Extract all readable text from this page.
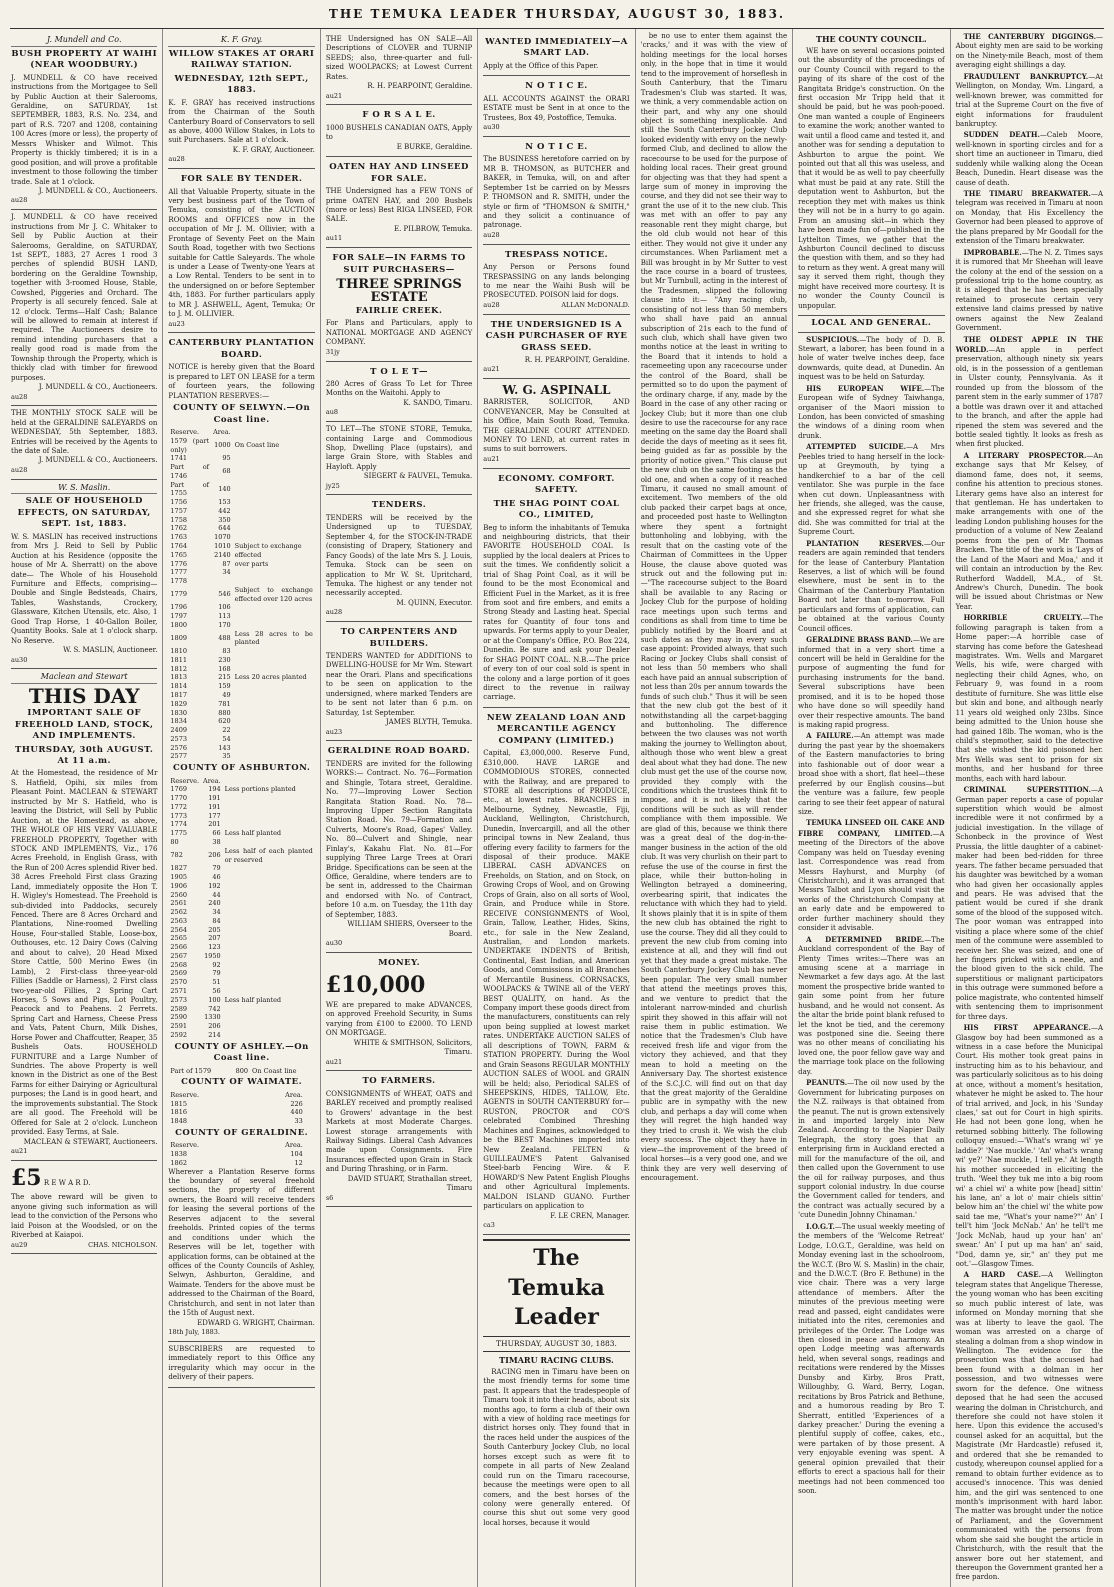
THE TEMUKA LEADER THURSDAY, AUGUST 30, 1883.
J. Mundell and Co.
BUSH PROPERTY AT WAIHI (NEAR WOODBURY.)
J. MUNDELL & CO have received instructions from the Mortgagee to Sell by Public Auction at their Salerooms, Geraldine, on SATURDAY, 1st SEPTEMBER, 1883, R.S. No. 234, and part of R.S. 7207 and 1208, containing 100 Acres (more or less), the property of Messrs Whisker and Wilmot. This Property is thickly timbered; it is in a good position, and will prove a profitable investment to those following the timber trade. Sale at 1 o'clock.
J. MUNDELL & CO., Auctioneers.
au28
J. MUNDELL & CO have received instructions from Mr J. C. Whitaker to Sell by Public Auction at their Salerooms, Geraldine, on SATURDAY, 1st SEPT., 1883, 27 Acres 1 rood 3 perches of splendid BUSH LAND, bordering on the Geraldine Township, together with 3-roomed House, Stable, Cowshed, Piggeries and Orchard. The Property is all securely fenced. Sale at 12 o'clock. Terms—Half Cash; Balance will be allowed to remain at interest if required. The Auctioneers desire to remind intending purchasers that a really good road is made from the Township through the Property, which is thickly clad with timber for firewood purposes.
J. MUNDELL & CO., Auctioneers.
au28
THE MONTHLY STOCK SALE will be held at the GERALDINE SALEYARDS on WEDNESDAY, 5th September, 1883. Entries will be received by the Agents to the date of Sale.
J. MUNDELL & CO., Auctioneers.
au28
W. S. Maslin.
SALE OF HOUSEHOLD EFFECTS, ON SATURDAY, SEPT. 1st, 1883.
W. S. MASLIN has received instructions from Mrs J. Reid to Sell by Public Auction at his Residence (opposite the house of Mr A. Sherratt) on the above date— The Whole of his Household Furniture and Effects, comprising— Double and Single Bedsteads, Chairs, Tables, Washstands, Crockery, Glassware, Kitchen Utensils, etc. Also, 1 Good Trap Horse, 1 40-Gallon Boiler, Quantity Books. Sale at 1 o'clock sharp. No Reserve.
W. S. MASLIN, Auctioneer.
au30
Maclean and Stewart
THIS DAY
IMPORTANT SALE OF FREEHOLD LAND, STOCK, AND IMPLEMENTS.
THURSDAY, 30th AUGUST. At 11 a.m.
At the Homestead, the residence of Mr S. Hatfield, Opihi, six miles from Pleasant Point. MACLEAN & STEWART instructed by Mr S. Hatfield, who is leaving the District, will Sell by Public Auction, at the Homestead, as above, THE WHOLE OF HIS VERY VALUABLE FREEHOLD PROPERTY, Together with STOCK AND IMPLEMENTS, Viz., 176 Acres Freehold, in English Grass, with the Run of 200 Acres splendid River bed. 38 Acres Freehold First class Grazing Land, immediately opposite the Hon T. H. Wigley's Homestead. The Freehold is sub-divided into Paddocks, securely Fenced. There are 8 Acres Orchard and Plantations, Nine-roomed Dwelling House, Four-stalled Stable, Loose-box, Outhouses, etc. 12 Dairy Cows (Calving and about to calve), 20 Head Mixed Store Cattle, 500 Merino Ewes (in Lamb), 2 First-class three-year-old Fillies (Saddle or Harness), 2 First class two-year-old Fillies, 2 Spring Cart Horses, 5 Sows and Pigs, Lot Poultry, Peacock and to Peahens. 2 Ferrets. Spring Cart and Harness, Cheese Press and Vats, Patent Churn, Milk Dishes, Horse Power and Chaffcutter, Reaper, 35 Bushels Oats. HOUSEHOLD FURNITURE and a Large Number of Sundries. The above Property is well known in the District as one of the Best Farms for either Dairying or Agricultural purposes; the Land is in good heart, and the improvements substantial. The Stock are all good. The Freehold will be Offered for Sale at 2 o'clock. Luncheon provided. Easy Terms, at Sale.
MACLEAN & STEWART, Auctioneers.
au21
£5 R E W A R D.
The above reward will be given to anyone giving such information as will lead to the conviction of the Persons who laid Poison at the Woodsled, or on the Riverbed at Kaiapoi.
au29	CHAS. NICHOLSON.
K. F. Gray.
WILLOW STAKES AT ORARI RAILWAY STATION.
WEDNESDAY, 12th SEPT., 1883.
K. F. GRAY has received instructions from the Chairman of the South Canterbury Board of Conservators to sell as above, 4000 Willow Stakes, in Lots to suit Purchasers. Sale at 1 o'clock.
K. F. GRAY, Auctioneer.
au28
FOR SALE BY TENDER.
All that Valuable Property, situate in the very best business part of the Town of Temuka, consisting of the AUCTION ROOMS and OFFICES now in the occupation of Mr J. M. Ollivier, with a Frontage of Seventy Feet on the Main South Road, together with two Sections suitable for Cattle Saleyards. The whole is under a Lease of Twenty-one Years at a Low Rental. Tenders to be sent in to the undersigned on or before September 4th, 1883. For further particulars apply to MR J. ASHWELL, Agent, Temuka; Or to J. M. OLLIVIER.
au23
CANTERBURY PLANTATION BOARD.
NOTICE is hereby given that the Board is prepared to LET ON LEASE for a term of fourteen years, the following PLANTATION RESERVES:—
COUNTY OF SELWYN.—On Coast line.
Reserve.	Area.	
1579 (part only)	1000	On Coast line
1741	95	
Part of 1746	68	
Part of 1755	140	
1756	153	
1757	442	
1758	350	
1762	644	
1763	1070	
1764	1010	Subject to exchange
1765	2140	effected
1776	87	over parts
1777	34	
1778		
1779	546	Subject to exchange effected over 120 acres
1796	106	
1797	113	
1800	170	
1809	488	Less 28 acres to be planted
1810	83	
1811	230	
1812	168	
1813	215	Less 20 acres planted
1814	159	
1817	49	
1829	781	
1830	880	
1834	620	
2409	22	
2573	54	
2576	143	
2577	35	
COUNTY OF ASHBURTON.
Reserve.	Area.	
1769	194	Less portions planted
1770	191	
1772	191	
1773	177	
1774	201	
1775	66	Less half planted
80	38	
782	206	Less half of each planted or reserved
1827	79	
1905	46	
1906	192	
2560	44	
2561	240	
2562	34	
2563	84	
2564	205	
2565	207	
2566	123	
2567	1950	
2568	92	
2569	79	
2570	51	
2571	56	
2573	100	Less half planted
2589	742	
2590	1330	
2591	206	
2592	214	
COUNTY OF ASHLEY.—On Coast line.
Part of 1579	800	On Coast line
COUNTY OF WAIMATE.
Reserve.	Area.	
1815	226	
1816	440	
1848	33	
COUNTY OF GERALDINE.
Reserve.	Area.	
1838	104	
1862	12	
Wherever a Plantation Reserve forms the boundary of several freehold sections, the property of different owners, the Board will receive tenders for leasing the several portions of the Reserves adjacent to the several freeholds. Printed copies of the terms and conditions under which the Reserves will be let, together with application forms, can be obtained at the offices of the County Councils of Ashley, Selwyn, Ashburton, Geraldine, and Waimate. Tenders for the above must be addressed to the Chairman of the Board, Christchurch, and sent in not later than the 15th of August next.
EDWARD G. WRIGHT, Chairman.
18th July, 1883.
SUBSCRIBERS are requested to immediately report to this Office any irregularity which may occur in the delivery of their papers.
THE Undersigned has ON SALE—All Descriptions of CLOVER and TURNIP SEEDS; also, three-quarter and full-sized WOOLPACKS; at Lowest Current Rates.
R. H. PEARPOINT, Geraldine.
au21
F O R S A L E.
1000 BUSHELS CANADIAN OATS, Apply to
E BURKE, Geraldine.
OATEN HAY AND LINSEED FOR SALE.
THE Undersigned has a FEW TONS of prime OATEN HAY, and 200 Bushels (more or less) Best RIGA LINSEED, FOR SALE.
E. PILBROW, Temuka.
au11
FOR SALE—IN FARMS TO SUIT PURCHASERS—
THREE SPRINGS ESTATE
FAIRLIE CREEK.
For Plans and Particulars, apply to NATIONAL MORTGAGE AND AGENCY COMPANY.
31jy
T O L E T—
280 Acres of Grass To Let for Three Months on the Waitohi. Apply to
K. SANDO, Timaru.
au8
TO LET—The STONE STORE, Temuka, containing Large and Commodious Shop, Dwelling Place (upstairs), and large Grain Store, with Stables and Hayloft. Apply
SIEGERT & FAUVEL, Temuka.
jy25
TENDERS.
TENDERS will be received by the Undersigned up to TUESDAY, September 4, for the STOCK-IN-TRADE (consisting of Drapery, Stationery and Fancy Goods) of the late Mrs S. J. Louis, Temuka. Stock can be seen on application to Mr W. St. Upritchard, Temuka. The highest or any tender not necessarily accepted.
M. QUINN, Executor.
au28
TO CARPENTERS AND BUILDERS.
TENDERS WANTED for ADDITIONS to DWELLING-HOUSE for Mr Wm. Stewart near the Orari. Plans and specifications to be seen on application to the undersigned, where marked Tenders are to be sent not later than 6 p.m. on Saturday, 1st September.
JAMES BLYTH, Temuka.
au23
GERALDINE ROAD BOARD.
TENDERS are invited for the following WORKS:— Contract. No. 76—Formation and Shingle, Totara street, Geraldine. No. 77—Improving Lower Section Rangitata Station Road. No. 78—Improving Upper Section Rangitata Station Road. No. 79—Formation and Culverts, Moore's Road, Gapes' Valley. No. 80—Culvert and Shingle, near Finlay's, Kakahu Flat. No. 81—For supplying Three Large Trees at Orari Bridge. Specifications can be seen at the Office, Geraldine, where tenders are to be sent in, addressed to the Chairman and endorsed with No. of Contract, before 10 a.m. on Tuesday, the 11th day of September, 1883.
WILLIAM SHIERS, Overseer to the Board.
au30
MONEY.
£10,000
WE are prepared to make ADVANCES, on approved Freehold Security, in Sums varying from £100 to £2000. TO LEND ON MORTGAGE.
WHITE & SMITHSON, Solicitors, Timaru.
au21
TO FARMERS.
CONSIGNMENTS of WHEAT, OATS and BARLEY received and promptly realised to Growers' advantage in the best Markets at most Moderate Charges. Lowest storage arrangements with Railway Sidings. Liberal Cash Advances made upon Consignments. Fire Insurances effected upon Grain in Stack and During Thrashing, or in Farm.
DAVID STUART, Strathallan street, Timaru
s6
WANTED IMMEDIATELY—A SMART LAD.
Apply at the Office of this Paper.
N O T I C E.
ALL ACCOUNTS AGAINST the ORARI ESTATE must be Sent in at once to the Trustees, Box 49, Postoffice, Temuka.
au30
N O T I C E.
The BUSINESS heretofore carried on by MR B. THOMSON, as BUTCHER and BAKER, in Temuka, will, on and after September 1st be carried on by Messrs P. THOMSON and R. SMITH, under the style or firm of "THOMSON & SMITH," and they solicit a continuance of patronage.
au28
TRESPASS NOTICE.
Any Person or Persons found TRESPASSING on any lands belonging to me near the Waihi Bush will be PROSECUTED. POISON laid for dogs.
au28	ALLAN McDONALD.
THE UNDERSIGNED IS A CASH PURCHASER OF RYE GRASS SEED.
R. H. PEARPOINT, Geraldine.
au21
W. G. ASPINALL
BARRISTER, SOLICITOR, AND CONVEYANCER, May be Consulted at his Office, Main South Road, Temuka. THE GERALDINE COURT ATTENDED. MONEY TO LEND, at current rates in sums to suit borrowers.
au21
ECONOMY. COMFORT. SAFETY.
THE SHAG POINT COAL CO., LIMITED,
Beg to inform the inhabitants of Temuka and neighbouring districts, that their FAVORITE HOUSEHOLD COAL Is supplied by the local dealers at Prices to suit the times. We confidently solicit a trial of Shag Point Coal, as it will be found to be the most Economical and Efficient Fuel in the Market, as it is free from soot and fire embers, and emits a Strong Steady and Lasting heat. Special rates for Quantity of four tons and upwards. For terms apply to your Dealer, or at the Company's Office, P.O. Box 224, Dunedin. Be sure and ask your Dealer for SHAG POINT COAL. N.B.—The price of every ton of our coal sold is spent in the colony and a large portion of it goes direct to the revenue in railway carriage.
NEW ZEALAND LOAN AND MERCANTILE AGENCY COMPANY (LIMITED.)
Capital, £3,000,000. Reserve Fund, £310,000. HAVE LARGE and COMMODIOUS STORES, connected with the Railway, and are prepared to STORE all descriptions of PRODUCE, etc., at lowest rates. BRANCHES in Melbourne, Sydney, Newcastle, Fiji, Auckland, Wellington, Christchurch, Dunedin, Invercargill, and all the other principal towns in New Zealand, thus offering every facility to farmers for the disposal of their produce. MAKE LIBERAL CASH ADVANCES on Freeholds, on Station, and on Stock, on Growing Crops of Wool, and on Growing Crops of Grain, also on all sorts of Wool, Grain, and Produce while in Store. RECEIVE CONSIGNMENTS of Wool, Grain, Tallow, Leather, Hides, Skins, etc., for sale in the New Zealand, Australian, and London markets. UNDERTAKE INDENTS of British, Continental, East Indian, and American Goods, and Commissions in all Branches of Mercantile Business. CORNSACKS, WOOLPACKS & TWINE all of the VERY BEST QUALITY, on hand. As the Company import these goods direct from the manufacturers, constituents can rely upon being supplied at lowest market rates. UNDERTAKE AUCTION SALES of all descriptions of TOWN, FARM & STATION PROPERTY. During the Wool and Grain Seasons REGULAR MONTHLY AUCTION SALES of WOOL and GRAIN will be held; also, Periodical SALES of SHEEPSKINS, HIDES, TALLOW, Etc. AGENTS in SOUTH CANTERBURY for— RUSTON, PROCTOR and CO'S celebrated Combined Threshing Machines and Engines, acknowledged to be the BEST Machines imported into New Zealand. FELTEN & GUILLEAUME'S Patent Galvanised Steel-barb Fencing Wire. & F. HOWARD'S New Patent English Ploughs and other Agricultural Implements. MALDON ISLAND GUANO. Further particulars on application to
F. LE CREN, Manager.
ca3
The Temuka Leader
THURSDAY, AUGUST 30, 1883.
TIMARU RACING CLUBS.
RACING men in Timaru have been on the most friendly terms for some time past. It appears that the tradespeople of Timaru took it into their heads, about six months ago, to form a club of their own with a view of holding race meetings for district horses only. They found that in the races held under the auspices of the South Canterbury Jockey Club, no local horses except such as were fit to compete in all parts of New Zealand could run on the Timaru racecourse, because the meetings were open to all comers, and the best horses of the colony were generally entered. Of course this shut out some very good local horses, because it would
be no use to enter them against the 'cracks,' and it was with the view of holding meetings for the local horses only, in the hope that in time it would tend to the improvement of horseflesh in South Canterbury, that the Timaru Tradesmen's Club was started. It was, we think, a very commendable action on their part, and why any one should object is something inexplicable. And still the South Canterbury Jockey Club looked evidently with envy on the newly-formed Club, and declined to allow the racecourse to be used for the purpose of holding local races. Their great ground for objecting was that they had spent a large sum of money in improving the course, and they did not see their way to grant the use of it to the new club. This was met with an offer to pay any reasonable rent they might charge, but the old club would not hear of this either. They would not give it under any circumstances. When Parliament met a Bill was brought in by Mr Sutter to vest the race course in a board of trustees, but Mr Turnbull, acting in the interest of the Tradesmen, slipped the following clause into it:— "Any racing club, consisting of not less than 50 members who shall have paid an annual subscription of 21s each to the fund of such club, which shall have given two months notice at the least in writing to the Board that it intends to hold a racemeeting upon any racecourse under the control of the Board, shall be permitted so to do upon the payment of the ordinary charge, if any, made by the Board in the case of any other racing or Jockey Club; but it more than one club desire to use the racecourse for any race meeting on the same day the Board shall decide the days of meeting as it sees fit, being guided as far as possible by the priority of notice given." This clause put the new club on the same footing as the old one, and when a copy of it reached Timaru, it caused no small amount of excitement. Two members of the old club packed their carpet bags at once, and proceeded post haste to Wellington where they spent a fortnight buttonholing and lobbying, with the result that on the casting vote of the Chairman of Committees in the Upper House, the clause above quoted was struck out and the following put in:—"The racecourse subject to the Board shall be available to any Racing or Jockey Club for the purpose of holding race meetings upon such terms and conditions as shall from time to time be publicly notified by the Board and at such dates as they may in every such case appoint: Provided always, that such Racing or Jockey Clubs shall consist of not less than 50 members who shall each have paid an annual subscription of not less than 20s per annum towards the funds of such club." Thus it will be seen that the new club got the best of it notwithstanding all the carpet-bagging and buttonholing. The difference between the two clauses was not worth making the journey to Wellington about, although those who went blew a great deal about what they had done. The new club must get the use of the course now, provided they comply with the conditions which the trustees think fit to impose, and it is not likely that the conditions will be such as will render compliance with them impossible. We are glad of this, because we think there was a great deal of the dog-in-the-manger business in the action of the old club. It was very churlish on their part to refuse the use of the course in first the place, while their button-holing in Wellington betrayed a domineering, overbearing spirit, that indicates the reluctance with which they had to yield. It shows plainly that it is in spite of them the new club has obtained the right to use the course. They did all they could to prevent the new club from coming into existence at all, and they will find out yet that they made a great mistake. The South Canterbury Jockey Club has never been popular. The very small number that attend the meetings proves this, and we venture to predict that the intolerant narrow-minded and churlish spirit they showed in this affair will not raise them in public estimation. We notice that the Tradesmen's Club have received fresh life and vigor from the victory they achieved, and that they mean to hold a meeting on the Anniversary Day. The shortest existence of the S.C.J.C. will find out on that day that the great majority of the Geraldine public are in sympathy with the new club, and perhaps a day will come when they will regret the high handed way they tried to crush it. We wish the club every success. The object they have in view—the improvement of the breed of local horses—is a very good one, and we think they are very well deserving of encouragement.
THE COUNTY COUNCIL.
WE have on several occasions pointed out the absurdity of the proceedings of our County Council with regard to the paying of its share of the cost of the Rangitata Bridge's construction. On the first occasion Mr Tripp held that it should be paid, but he was pooh-pooed. One man wanted a couple of Engineers to examine the work; another wanted to wait until a flood came and tested it, and another was for sending a deputation to Ashburton to argue the point. We pointed out that all this was useless, and that it would be as well to pay cheerfully what must be paid at any rate. Still the deputation went to Ashburton, but the reception they met with makes us think they will not be in a hurry to go again. From an amusing skit—in which they have been made fun of—published in the Lyttelton Times, we gather that the Ashburton Council declined to discuss the question with them, and so they had to return as they went. A great many will say it served them right, though they might have received more courtesy. It is no wonder the County Council is unpopular.
LOCAL AND GENERAL.
SUSPICIOUS.—The body of D. B. Stewart, a laborer, has been found in a hole of water twelve inches deep, face downwards, quite dead, at Dunedin. An inquest was to be held on Saturday.
HIS EUROPEAN WIFE.—The European wife of Sydney Taiwhanga, organiser of the Maori mission to London, has been convicted of smashing the windows of a dining room when drunk.
ATTEMPTED SUICIDE.—A Mrs Peebles tried to hang herself in the lock-up at Greymouth, by tying a handkerchief to a bar of the cell ventilator. She was purple in the face when cut down. Unpleasantness with her friends, she alleged, was the cause, and she expressed regret for what she did. She was committed for trial at the Supreme Court.
PLANTATION RESERVES.—Our readers are again reminded that tenders for the lease of Canterbury Plantation Reserves, a list of which will be found elsewhere, must be sent in to the Chairman of the Canterbury Plantation Board not later than to-morrow. Full particulars and forms of application, can be obtained at the various County Council offices.
GERALDINE BRASS BAND.—We are informed that in a very short time a concert will be held in Geraldine for the purpose of augmenting the fund for purchasing instruments for the band. Several subscriptions have been promised, and it is to be hoped those who have done so will speedily hand over their respective amounts. The band is making rapid progress.
A FAILURE.—An attempt was made during the past year by the shoemakers of the Eastern manufactories to bring into fashionable out of door wear a broad shoe with a short, flat heel—these preferred by our English cousins—but the venture was a failure, few people caring to see their feet appear of natural size.
TEMUKA LINSEED OIL CAKE AND FIBRE COMPANY, LIMITED.—A meeting of the Directors of the above Company was held on Tuesday evening last. Correspondence was read from Messrs Hayhurst, and Murphy (of Christchurch), and it was arranged that Messrs Talbot and Lyon should visit the works of the Christchurch Company at an early date and be empowered to order further machinery should they consider it advisable.
A DETERMINED BRIDE.—The Auckland correspondent of the Bay of Plenty Times writes:—There was an amusing scene at a marriage in Newmarket a few days ago. At the last moment the prospective bride wanted to gain some point from her future husband, and he would not consent. As the altar the bride point blank refused to let the knot be tied, and the ceremony was postponed sine die. Seeing there was no other means of conciliating his loved one, the poor fellow gave way and the marriage took place on the following day.
PEANUTS.—The oil now used by the Government for lubricating purposes on the N.Z. railways is that obtained from the peanut. The nut is grown extensively in and imported largely into New Zealand. According to the Napier Daily Telegraph, the story goes that an enterprising firm in Auckland erected a mill for the manufacture of the oil, and then called upon the Government to use the oil for railway purposes, and thus support colonial industry. In due course the Government called for tenders, and the contract was actually secured by a 'cute Dunedin Johnny Chinaman.'
I.O.G.T.—The usual weekly meeting of the members of the 'Welcome Retreat' Lodge, I.O.G.T., Geraldine, was held on Monday evening last in the schoolroom, the W.C.T. (Bro W. S. Maslin) in the chair, and the D.W.C.T. (Bro F. Bethune) in the vice chair. There was a very large attendance of members. After the minutes of the previous meeting were read and passed, eight candidates were initiated into the rites, ceremonies and privileges of the Order. The Lodge was then closed in peace and harmony. An open Lodge meeting was afterwards held, when several songs, readings and recitations were rendered by the Misses Dunsby and Kirby, Bros Pratt, Willoughby, G. Ward, Berry, Logan, recitations by Bros Patrick and Bethune, and a humorous reading by Bro T. Sherratt, entitled 'Experiences of a darkey preacher.' During the evening a plentiful supply of coffee, cakes, etc., were partaken of by those present. A very enjoyable evening was spent. A general opinion prevailed that their efforts to erect a spacious hall for their meetings had not been commenced too soon.
THE CANTERBURY DIGGINGS.—About eighty men are said to be working on the Ninety-mile Beach, most of them averaging eight shillings a day.
FRAUDULENT BANKRUPTCY.—At Wellington, on Monday, Wm. Lingard, a well-known brewer, was committed for trial at the Supreme Court on the five of eight informations for fraudulent bankruptcy.
SUDDEN DEATH.—Caleb Moore, well-known in sporting circles and for a short time an auctioneer in Timaru, died suddenly while walking along the Ocean Beach, Dunedin. Heart disease was the cause of death.
THE TIMARU BREAKWATER.—A telegram was received in Timaru at noon on Monday, that His Excellency the Governor had been pleased to approve of the plans prepared by Mr Goodall for the extension of the Timaru breakwater.
IMPROBABLE.—The N. Z. Times says it is rumored that Mr Sheehan will leave the colony at the end of the session on a professional trip to the home country, as it is alleged that he has been specially retained to prosecute certain very extensive land claims pressed by native owners against the New Zealand Government.
THE OLDEST APPLE IN THE WORLD.—An apple in perfect preservation, although ninety six years old, is in the possession of a gentleman in Ulster county, Pennsylvania. As it rounded up from the blossom of the parent stem in the early summer of 1787 a bottle was drawn over it and attached to the branch, and after the apple had ripened the stem was severed and the bottle sealed tightly. It looks as fresh as when first plucked.
A LITERARY PROSPECTOR.—An exchange says that Mr Kelsey, of diamond fame, does not, it seems, confine his attention to precious stones. Literary gems have also an interest for that gentleman. He has undertaken to make arrangements with one of the leading London publishing houses for the production of a volume of New Zealand poems from the pen of Mr Thomas Bracken. The title of the work is 'Lays of the Land of the Maori and Moa,' and it will contain an introduction by the Rev. Rutherford Waddell, M.A., of St. Andrew's Church, Dunedin. The book will be issued about Christmas or New Year.
HORRIBLE CRUELTY.—The following paragraph is taken from a Home paper:—A horrible case of starving has come before the Gateshead magistrates. Wm. Wells and Margaret Wells, his wife, were charged with neglecting their child Agnes, who, on February 9, was found in a room destitute of furniture. She was little else but skin and bone, and although nearly 11 years old weighed only 23lbs. Since being admitted to the Union house she had gained 18lb. The woman, who is the child's stepmother, said to the detective that she wished the kid poisoned her. Mrs Wells was sent to prison for six months, and her husband for three months, each with hard labour.
CRIMINAL SUPERSTITION.—A German paper reports a case of popular superstition which would be almost incredible were it not confirmed by a judicial investigation. In the village of Schonbeck in the province of West Prussia, the little daughter of a cabinet-maker had been bed-ridden for three years. The father became persuaded that his daughter was bewitched by a woman who had given her occasionally apples and pears. He was advised that the patient would be cured if she drank some of the blood of the supposed witch. The poor woman was entrapped into visiting a place where some of the chief men of the commune were assembled to receive her. She was seized, and one of her fingers pricked with a needle, and the blood given to the sick child. The superstitious or malignant participators in this outrage were summoned before a police magistrate, who contented himself with sentencing them to imprisonment for three days.
HIS FIRST APPEARANCE.—A Glasgow boy had been summoned as a witness in a case before the Municipal Court. His mother took great pains in instructing him as to his behaviour, and was particularly solicitous as to his doing at once, without a moment's hesitation, whatever he might be asked to. The hour of trial arrived, and Jock, in his 'Sunday claes,' sat out for Court in high spirits. He had not been gone long, when he returned sobbing bitterly. The following colloquy ensued:—'What's wrang wi' ye laddie?' 'Nae muckle.' 'An' what's wrang wi' ye?' 'Nae muckle, I tell ye.' At length his mother succeeded in eliciting the truth. 'Weel they tuk me into a big room wi' a chiel wi' a white pow [head] sittin' his lane, an' a lot o' mair chiels sittin' below him an' the chiel wi' the white pow said tae me, "What's your name?"' An' I tell't him 'Jock McNab.' An' he tell't me 'Jock McNab, haud up your han' an' swear.' An' I put up ma han' an' said, "Dod, damn ye, sir," an' they put me oot.'—Glasgow Times.
A HARD CASE.—A Wellington telegram states that Angelique Theresse, the young woman who has been exciting so much public interest of late, was informed on Monday morning that she was at liberty to leave the gaol. The woman was arrested on a charge of stealing a dolman from a shop window in Wellington. The evidence for the prosecution was that the accused had been found with a dolman in her possession, and two witnesses were sworn for the defence. One witness deposed that he had seen the accused wearing the dolman in Christchurch, and therefore she could not have stolen it here. Upon this evidence the accused's counsel asked for an acquittal, but the Magistrate (Mr Hardcastle) refused it, and ordered that she be remanded to custody, whereupon counsel applied for a remand to obtain further evidence as to accused's innocence. This was denied him, and the girl was sentenced to one month's imprisonment with hard labor. The matter was brought under the notice of Parliament, and the Government communicated with the persons from whom she said she bought the article in Christchurch, with the result that the answer bore out her statement, and thereupon the Government granted her a free pardon.
